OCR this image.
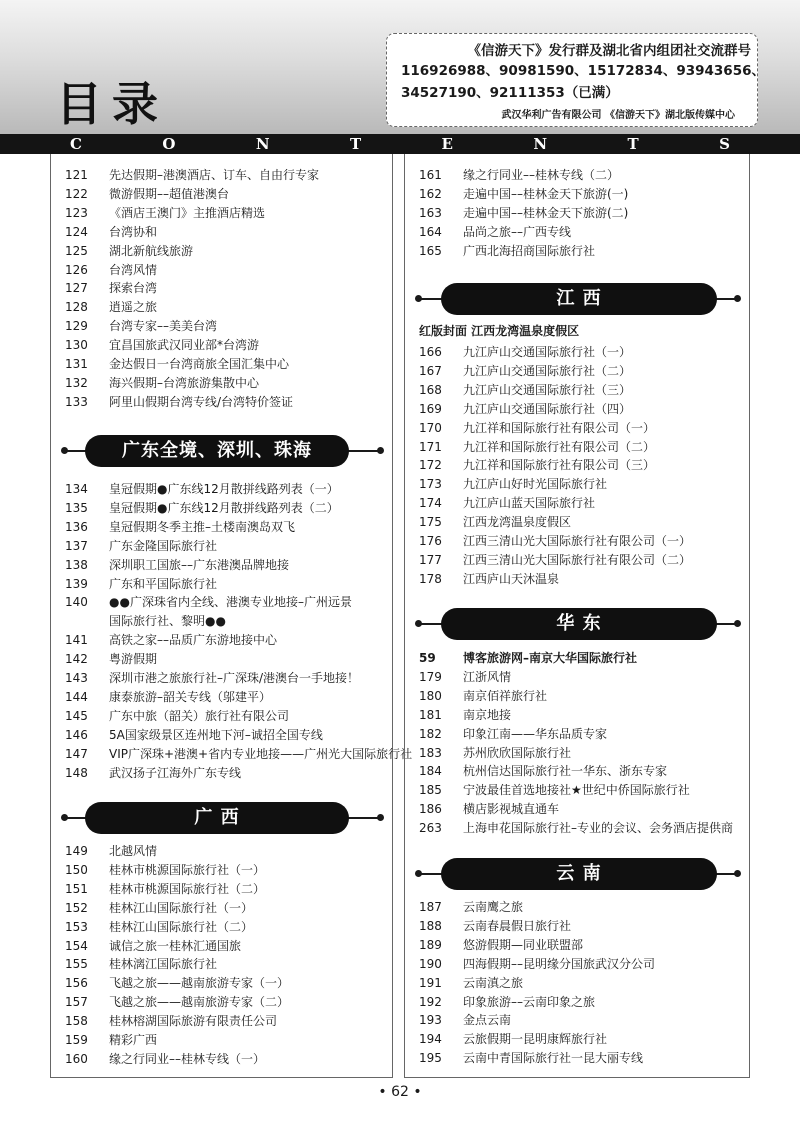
目录
《信游天下》发行群及湖北省内组团社交流群号
116926988、90981590、15172834、93943656、
34527190、92111353（已满）
武汉华利广告有限公司 《信游天下》湖北版传媒中心
C	O	N	T	E	N	T	S
121	先达假期–港澳酒店、订车、自由行专家
122	微游假期––超值港澳台
123	《酒店王澳门》主推酒店精选
124	台湾协和
125	湖北新航线旅游
126	台湾风情
127	探索台湾
128	逍遥之旅
129	台湾专家––美美台湾
130	宜昌国旅武汉同业部*台湾游
131	金达假日一台湾商旅全国汇集中心
132	海兴假期–台湾旅游集散中心
133	阿里山假期台湾专线/台湾特价签证
广东全境、深圳、珠海
134	皇冠假期●广东线12月散拼线路列表（一）
135	皇冠假期●广东线12月散拼线路列表（二）
136	皇冠假期冬季主推–土楼南澳岛双飞
137	广东金隆国际旅行社
138	深圳职工国旅––广东港澳品牌地接
139	广东和平国际旅行社
140	●●广深珠省内全线、港澳专业地接–广州远景
国际旅行社、黎明●●
141	高铁之家––品质广东游地接中心
142	粤游假期
143	深圳市港之旅旅行社–广深珠/港澳台一手地接！
144	康泰旅游–韶关专线（邬建平）
145	广东中旅（韶关）旅行社有限公司
146	5A国家级景区连州地下河–诚招全国专线
147	VIP广深珠+港澳+省内专业地接——广州光大国际旅行社
148	武汉扬子江海外广东专线
广 西
149	北越风情
150	桂林市桃源国际旅行社（一）
151	桂林市桃源国际旅行社（二）
152	桂林江山国际旅行社（一）
153	桂林江山国际旅行社（二）
154	诚信之旅一桂林汇通国旅
155	桂林漓江国际旅行社
156	飞越之旅——越南旅游专家（一）
157	飞越之旅——越南旅游专家（二）
158	桂林榕湖国际旅游有限责任公司
159	精彩广西
160	缘之行同业––桂林专线（一）
161	缘之行同业––桂林专线（二）
162	走遍中国––桂林金天下旅游(一)
163	走遍中国––桂林金天下旅游(二)
164	品尚之旅––广西专线
165	广西北海招商国际旅行社
江 西
红版封面 江西龙湾温泉度假区
166	九江庐山交通国际旅行社（一）
167	九江庐山交通国际旅行社（二）
168	九江庐山交通国际旅行社（三）
169	九江庐山交通国际旅行社（四）
170	九江祥和国际旅行社有限公司（一）
171	九江祥和国际旅行社有限公司（二）
172	九江祥和国际旅行社有限公司（三）
173	九江庐山好时光国际旅行社
174	九江庐山蓝天国际旅行社
175	江西龙湾温泉度假区
176	江西三清山光大国际旅行社有限公司（一）
177	江西三清山光大国际旅行社有限公司（二）
178	江西庐山天沐温泉
华 东
59	博客旅游网–南京大华国际旅行社
179	江浙风情
180	南京佰祥旅行社
181	南京地接
182	印象江南——华东品质专家
183	苏州欣欣国际旅行社
184	杭州信达国际旅行社一华东、浙东专家
185	宁波最佳首选地接社★世纪中侨国际旅行社
186	横店影视城直通车
263	上海申花国际旅行社–专业的会议、会务酒店提供商
云 南
187	云南鹰之旅
188	云南春晨假日旅行社
189	悠游假期—同业联盟部
190	四海假期––昆明缘分国旅武汉分公司
191	云南滇之旅
192	印象旅游––云南印象之旅
193	金点云南
194	云旅假期一昆明康辉旅行社
195	云南中青国际旅行社一昆大丽专线
• 62 •
